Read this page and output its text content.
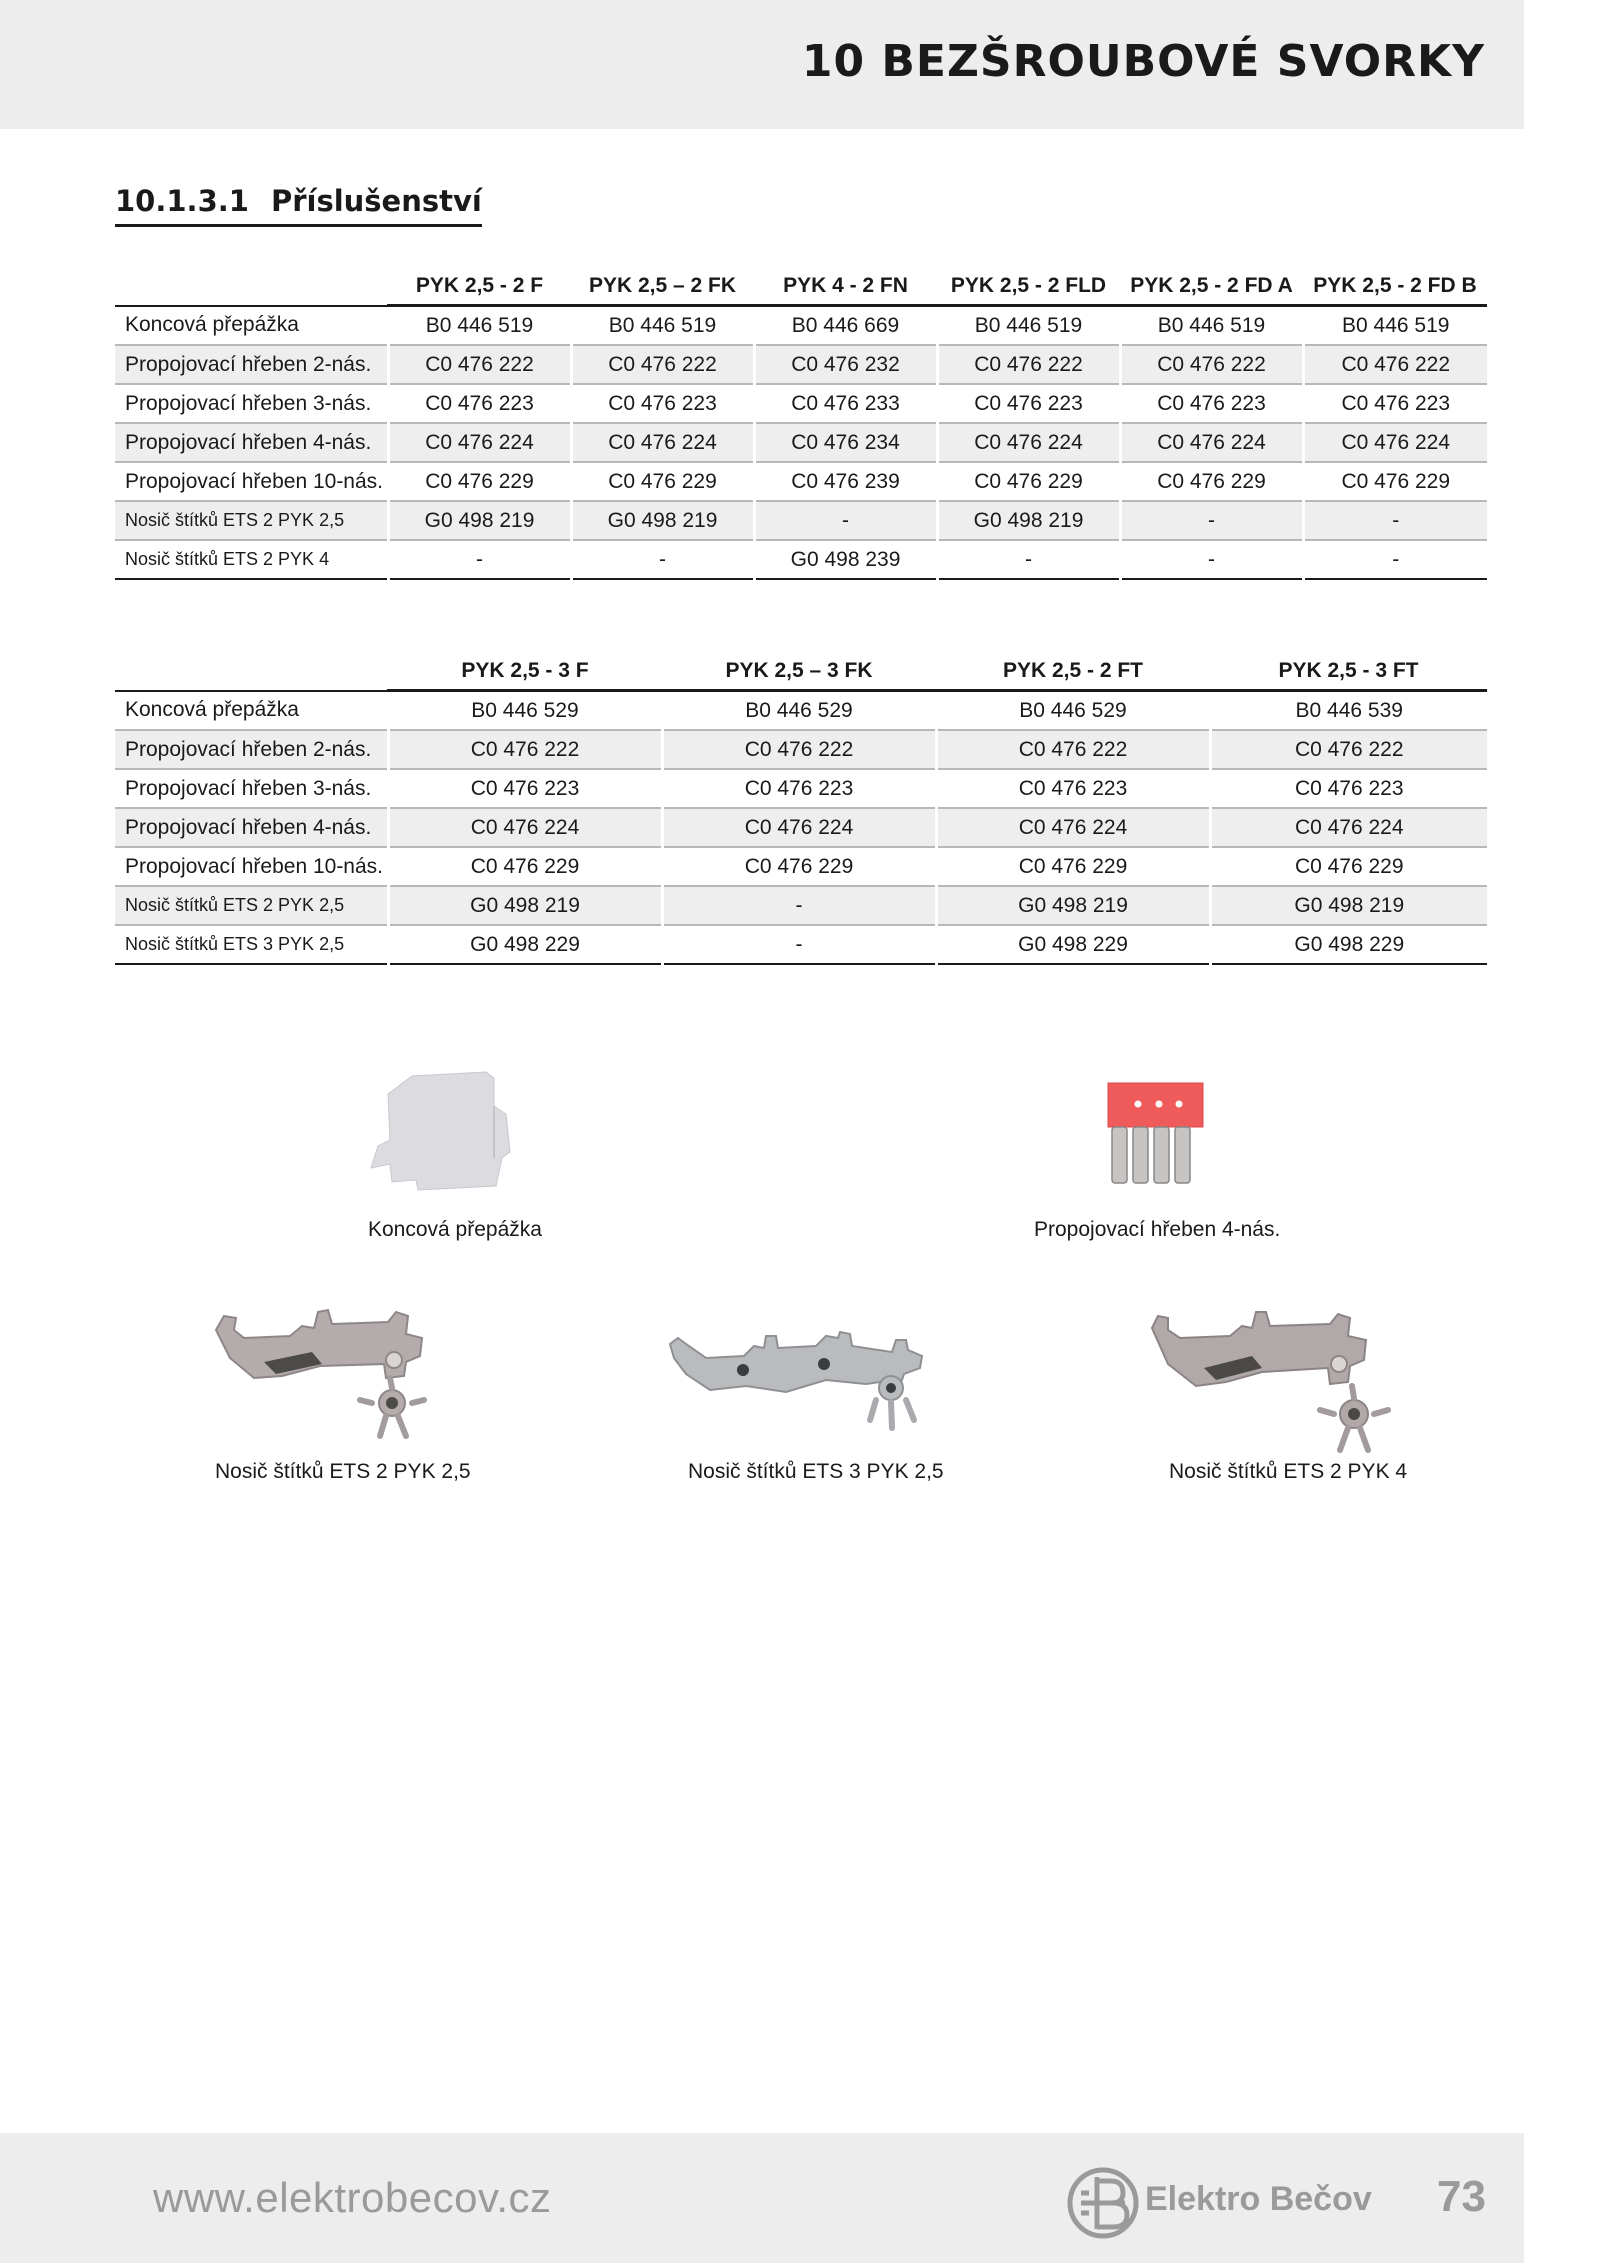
10 BEZŠROUBOVÉ SVORKY
10.1.3.1 Příslušenství
	PYK 2,5 - 2 F	PYK 2,5 – 2 FK	PYK 4 - 2 FN	PYK 2,5 - 2 FLD	PYK 2,5 - 2 FD A	PYK 2,5 - 2 FD B
Koncová přepážka	B0 446 519	B0 446 519	B0 446 669	B0 446 519	B0 446 519	B0 446 519
Propojovací hřeben 2-nás.	C0 476 222	C0 476 222	C0 476 232	C0 476 222	C0 476 222	C0 476 222
Propojovací hřeben 3-nás.	C0 476 223	C0 476 223	C0 476 233	C0 476 223	C0 476 223	C0 476 223
Propojovací hřeben 4-nás.	C0 476 224	C0 476 224	C0 476 234	C0 476 224	C0 476 224	C0 476 224
Propojovací hřeben 10-nás.	C0 476 229	C0 476 229	C0 476 239	C0 476 229	C0 476 229	C0 476 229
Nosič štítků ETS 2 PYK 2,5	G0 498 219	G0 498 219	-	G0 498 219	-	-
Nosič štítků ETS 2 PYK 4	-	-	G0 498 239	-	-	-
	PYK 2,5 - 3 F	PYK 2,5 – 3 FK	PYK 2,5 - 2 FT	PYK 2,5 - 3 FT
Koncová přepážka	B0 446 529	B0 446 529	B0 446 529	B0 446 539
Propojovací hřeben 2-nás.	C0 476 222	C0 476 222	C0 476 222	C0 476 222
Propojovací hřeben 3-nás.	C0 476 223	C0 476 223	C0 476 223	C0 476 223
Propojovací hřeben 4-nás.	C0 476 224	C0 476 224	C0 476 224	C0 476 224
Propojovací hřeben 10-nás.	C0 476 229	C0 476 229	C0 476 229	C0 476 229
Nosič štítků ETS 2 PYK 2,5	G0 498 219	-	G0 498 219	G0 498 219
Nosič štítků ETS 3 PYK 2,5	G0 498 229	-	G0 498 229	G0 498 229
Koncová přepážka	Propojovací hřeben 4-nás.
Nosič štítků ETS 2 PYK 2,5	Nosič štítků ETS 3 PYK 2,5	Nosič štítků ETS 2 PYK 4
www.elektrobecov.cz	Elektro Bečov 73
